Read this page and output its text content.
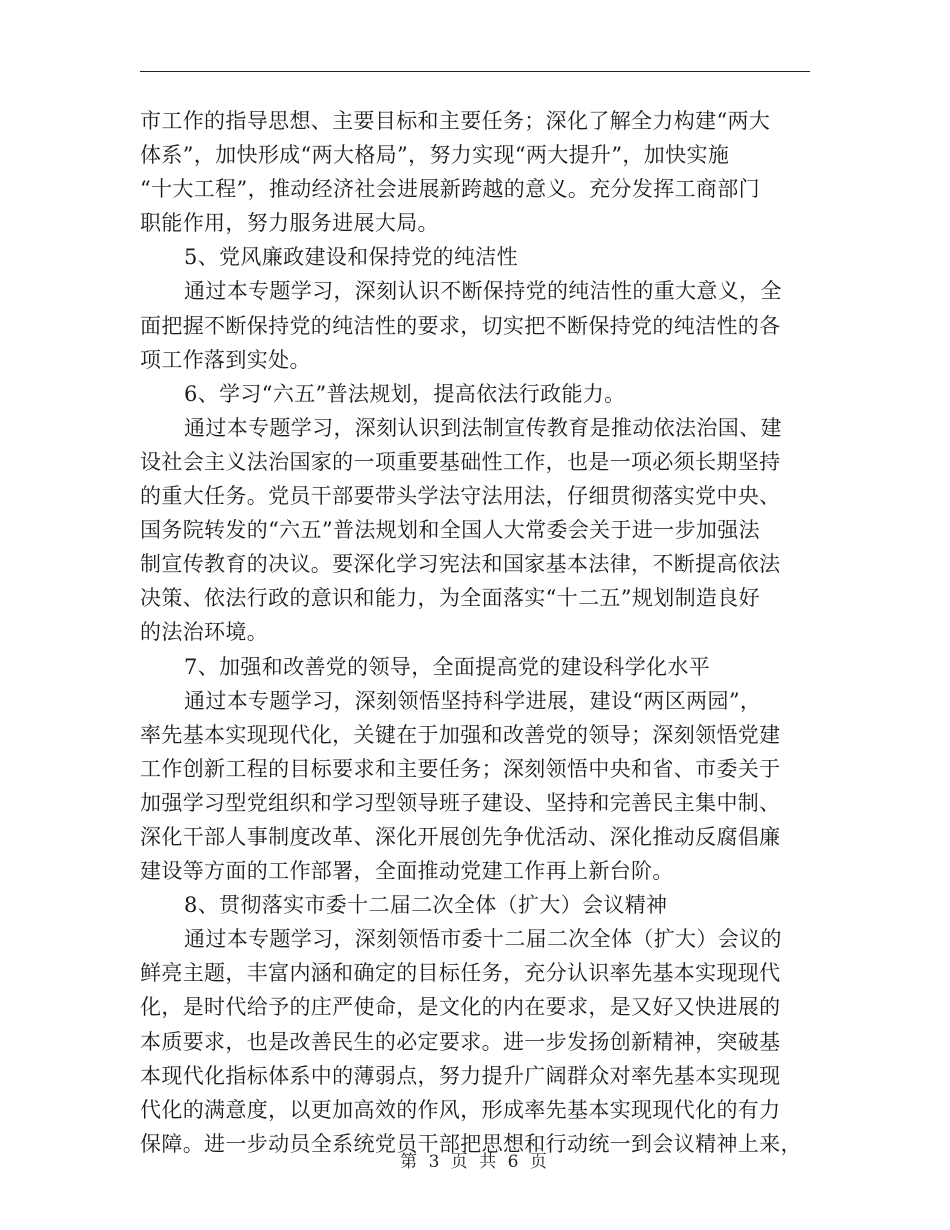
市工作的指导思想、主要目标和主要任务；深化了解全力构建“两大
体系”，加快形成“两大格局”，努力实现“两大提升”，加快实施
“十大工程”，推动经济社会进展新跨越的意义。充分发挥工商部门
职能作用，努力服务进展大局。
5、党风廉政建设和保持党的纯洁性
通过本专题学习，深刻认识不断保持党的纯洁性的重大意义，全
面把握不断保持党的纯洁性的要求，切实把不断保持党的纯洁性的各
项工作落到实处。
6、学习“六五”普法规划，提高依法行政能力。
通过本专题学习，深刻认识到法制宣传教育是推动依法治国、建
设社会主义法治国家的一项重要基础性工作，也是一项必须长期坚持
的重大任务。党员干部要带头学法守法用法，仔细贯彻落实党中央、
国务院转发的“六五”普法规划和全国人大常委会关于进一步加强法
制宣传教育的决议。要深化学习宪法和国家基本法律，不断提高依法
决策、依法行政的意识和能力，为全面落实“十二五”规划制造良好
的法治环境。
7、加强和改善党的领导，全面提高党的建设科学化水平
通过本专题学习，深刻领悟坚持科学进展，建设“两区两园”，
率先基本实现现代化，关键在于加强和改善党的领导；深刻领悟党建
工作创新工程的目标要求和主要任务；深刻领悟中央和省、市委关于
加强学习型党组织和学习型领导班子建设、坚持和完善民主集中制、
深化干部人事制度改革、深化开展创先争优活动、深化推动反腐倡廉
建设等方面的工作部署，全面推动党建工作再上新台阶。
8、贯彻落实市委十二届二次全体（扩大）会议精神
通过本专题学习，深刻领悟市委十二届二次全体（扩大）会议的
鲜亮主题，丰富内涵和确定的目标任务，充分认识率先基本实现现代
化，是时代给予的庄严使命，是文化的内在要求，是又好又快进展的
本质要求，也是改善民生的必定要求。进一步发扬创新精神，突破基
本现代化指标体系中的薄弱点，努力提升广阔群众对率先基本实现现
代化的满意度，以更加高效的作风，形成率先基本实现现代化的有力
保障。进一步动员全系统党员干部把思想和行动统一到会议精神上来，
第 3 页 共 6 页
